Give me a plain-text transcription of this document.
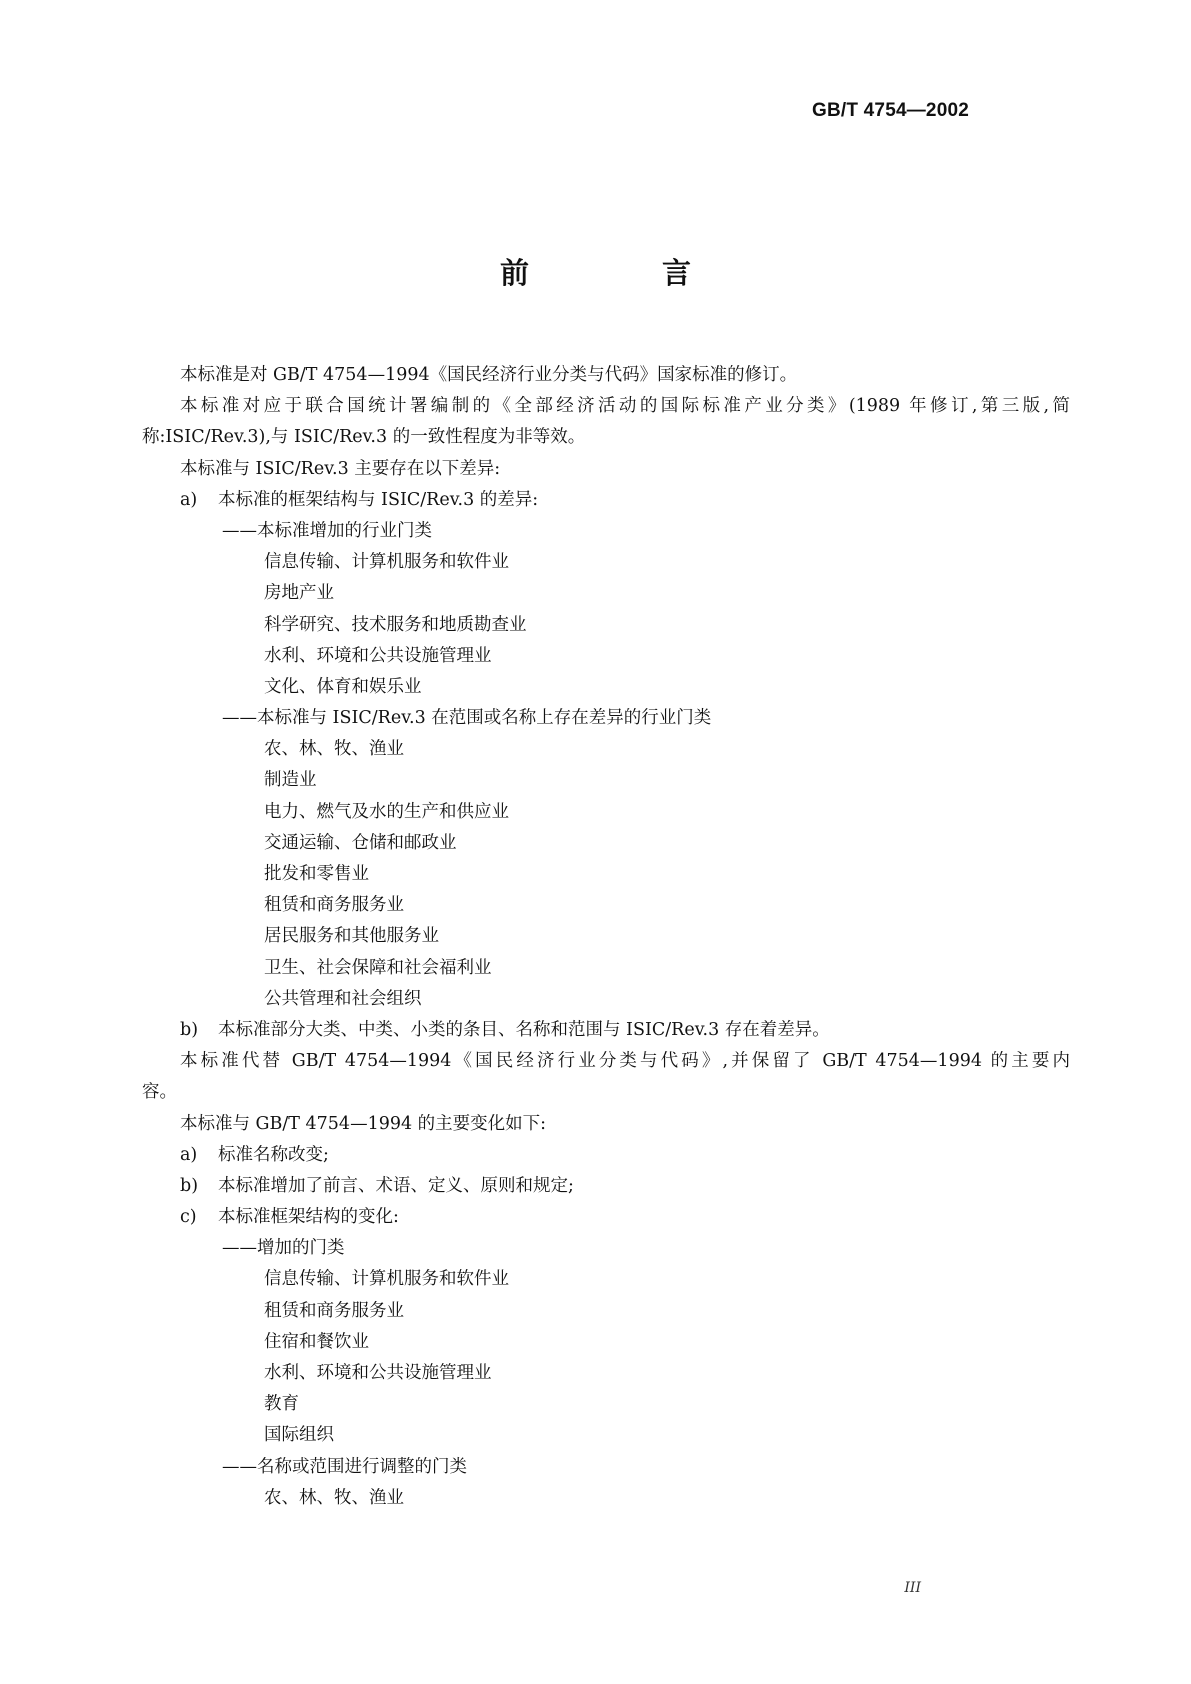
GB/T 4754—2002
前　言
本标准是对 GB/T 4754—1994《国民经济行业分类与代码》国家标准的修订。
本标准对应于联合国统计署编制的《全部经济活动的国际标准产业分类》(1989 年修订,第三版,简
称:ISIC/Rev.3),与 ISIC/Rev.3 的一致性程度为非等效。
本标准与 ISIC/Rev.3 主要存在以下差异:
a) 本标准的框架结构与 ISIC/Rev.3 的差异:
——本标准增加的行业门类
信息传输、计算机服务和软件业
房地产业
科学研究、技术服务和地质勘查业
水利、环境和公共设施管理业
文化、体育和娱乐业
——本标准与 ISIC/Rev.3 在范围或名称上存在差异的行业门类
农、林、牧、渔业
制造业
电力、燃气及水的生产和供应业
交通运输、仓储和邮政业
批发和零售业
租赁和商务服务业
居民服务和其他服务业
卫生、社会保障和社会福利业
公共管理和社会组织
b) 本标准部分大类、中类、小类的条目、名称和范围与 ISIC/Rev.3 存在着差异。
本标准代替 GB/T 4754—1994《国民经济行业分类与代码》,并保留了 GB/T 4754—1994 的主要内
容。
本标准与 GB/T 4754—1994 的主要变化如下:
a) 标准名称改变;
b) 本标准增加了前言、术语、定义、原则和规定;
c) 本标准框架结构的变化:
——增加的门类
信息传输、计算机服务和软件业
租赁和商务服务业
住宿和餐饮业
水利、环境和公共设施管理业
教育
国际组织
——名称或范围进行调整的门类
农、林、牧、渔业
III
